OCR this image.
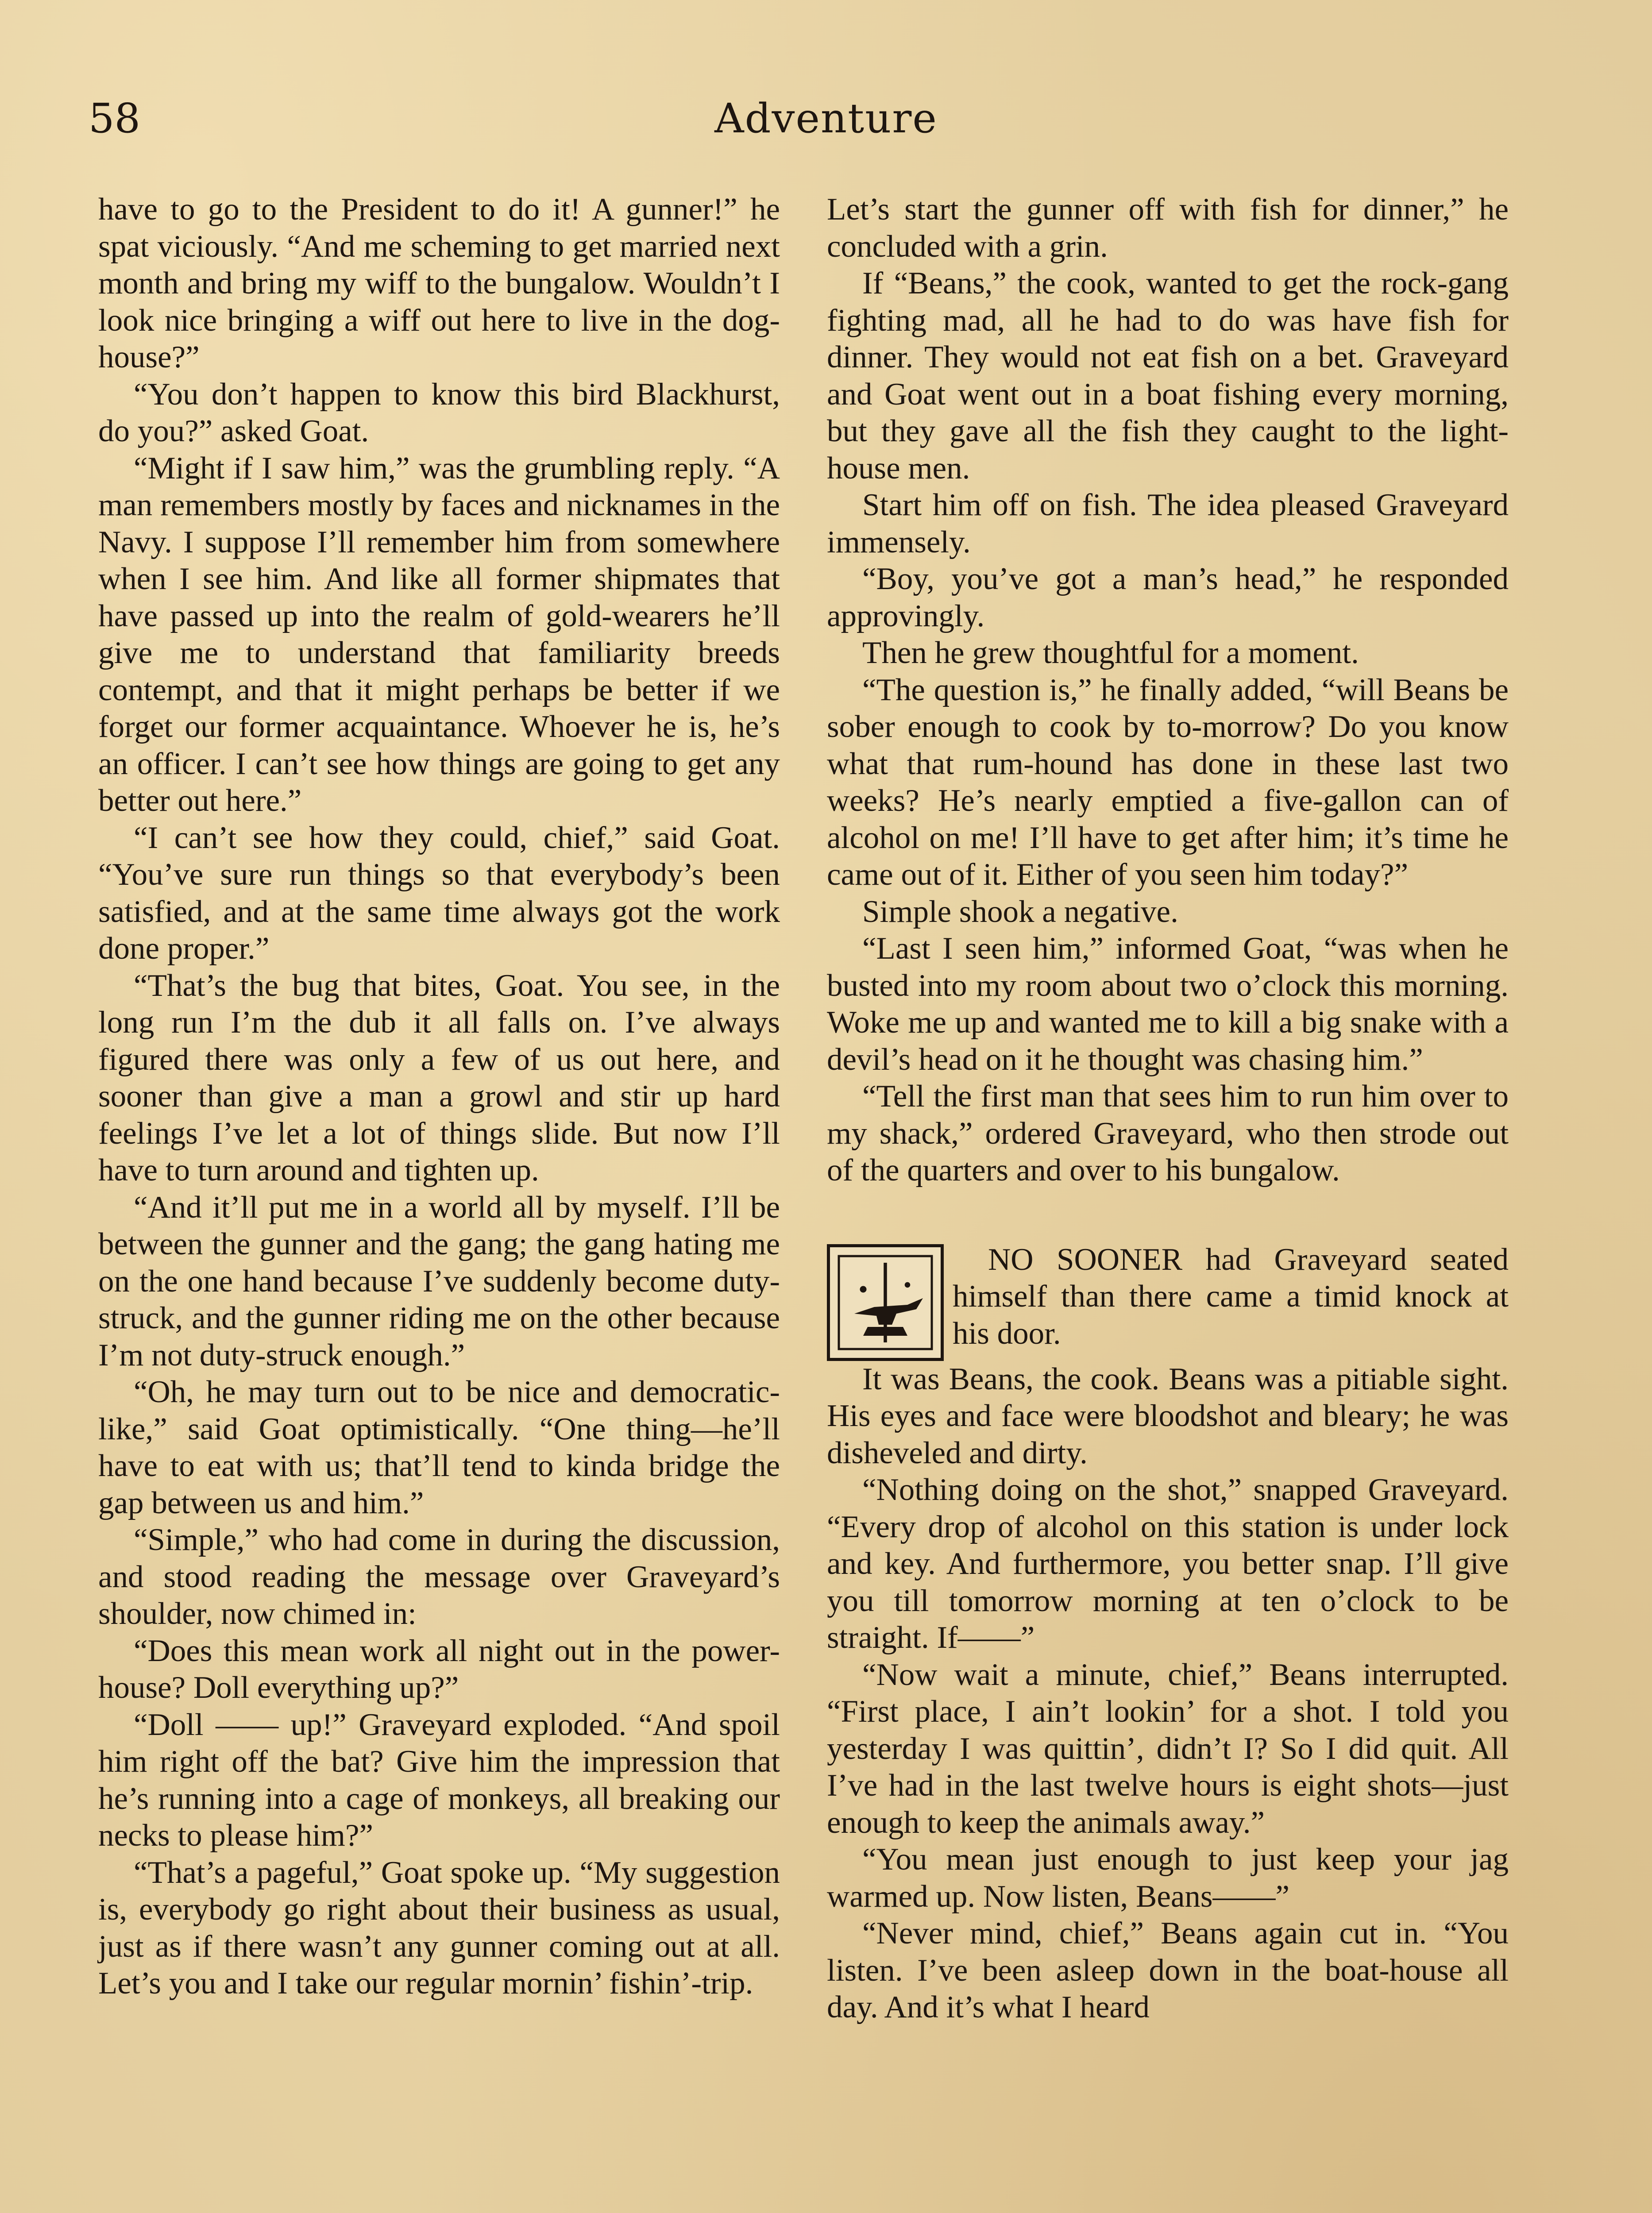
58	Adventure

have to go to the President to do it! A gunner!” he spat viciously. “And me scheming to get married next month and bring my wiff to the bungalow. Wouldn’t I look nice bringing a wiff out here to live in the dog-house?”

“You don’t happen to know this bird Blackhurst, do you?” asked Goat.

“Might if I saw him,” was the grumbling reply. “A man remembers mostly by faces and nicknames in the Navy. I suppose I’ll remember him from somewhere when I see him. And like all former shipmates that have passed up into the realm of gold-wearers he’ll give me to understand that familiarity breeds contempt, and that it might perhaps be better if we forget our former acquaintance. Whoever he is, he’s an officer. I can’t see how things are going to get any better out here.”

“I can’t see how they could, chief,” said Goat. “You’ve sure run things so that everybody’s been satisfied, and at the same time always got the work done proper.”

“That’s the bug that bites, Goat. You see, in the long run I’m the dub it all falls on. I’ve always figured there was only a few of us out here, and sooner than give a man a growl and stir up hard feelings I’ve let a lot of things slide. But now I’ll have to turn around and tighten up.

“And it’ll put me in a world all by myself. I’ll be between the gunner and the gang; the gang hating me on the one hand because I’ve suddenly become duty-struck, and the gunner riding me on the other because I’m not duty-struck enough.”

“Oh, he may turn out to be nice and democratic-like,” said Goat optimistically. “One thing—he’ll have to eat with us; that’ll tend to kinda bridge the gap between us and him.”

“Simple,” who had come in during the discussion, and stood reading the message over Graveyard’s shoulder, now chimed in:

“Does this mean work all night out in the power-house? Doll everything up?”

“Doll —— up!” Graveyard exploded. “And spoil him right off the bat? Give him the impression that he’s running into a cage of monkeys, all breaking our necks to please him?”

“That’s a pageful,” Goat spoke up. “My suggestion is, everybody go right about their business as usual, just as if there wasn’t any gunner coming out at all. Let’s you and I take our regular mornin’ fishin’-trip.

Let’s start the gunner off with fish for dinner,” he concluded with a grin.

If “Beans,” the cook, wanted to get the rock-gang fighting mad, all he had to do was have fish for dinner. They would not eat fish on a bet. Graveyard and Goat went out in a boat fishing every morning, but they gave all the fish they caught to the light-house men.

Start him off on fish. The idea pleased Graveyard immensely.

“Boy, you’ve got a man’s head,” he responded approvingly.

Then he grew thoughtful for a moment.

“The question is,” he finally added, “will Beans be sober enough to cook by to-morrow? Do you know what that rum-hound has done in these last two weeks? He’s nearly emptied a five-gallon can of alcohol on me! I’ll have to get after him; it’s time he came out of it. Either of you seen him today?”

Simple shook a negative.

“Last I seen him,” informed Goat, “was when he busted into my room about two o’clock this morning. Woke me up and wanted me to kill a big snake with a devil’s head on it he thought was chasing him.”

“Tell the first man that sees him to run him over to my shack,” ordered Graveyard, who then strode out of the quarters and over to his bungalow.

NO SOONER had Graveyard seated himself than there came a timid knock at his door.

It was Beans, the cook. Beans was a pitiable sight. His eyes and face were bloodshot and bleary; he was disheveled and dirty.

“Nothing doing on the shot,” snapped Graveyard. “Every drop of alcohol on this station is under lock and key. And furthermore, you better snap. I’ll give you till tomorrow morning at ten o’clock to be straight. If——”

“Now wait a minute, chief,” Beans interrupted. “First place, I ain’t lookin’ for a shot. I told you yesterday I was quittin’, didn’t I? So I did quit. All I’ve had in the last twelve hours is eight shots—just enough to keep the animals away.”

“You mean just enough to just keep your jag warmed up. Now listen, Beans——”

“Never mind, chief,” Beans again cut in. “You listen. I’ve been asleep down in the boat-house all day. And it’s what I heard
